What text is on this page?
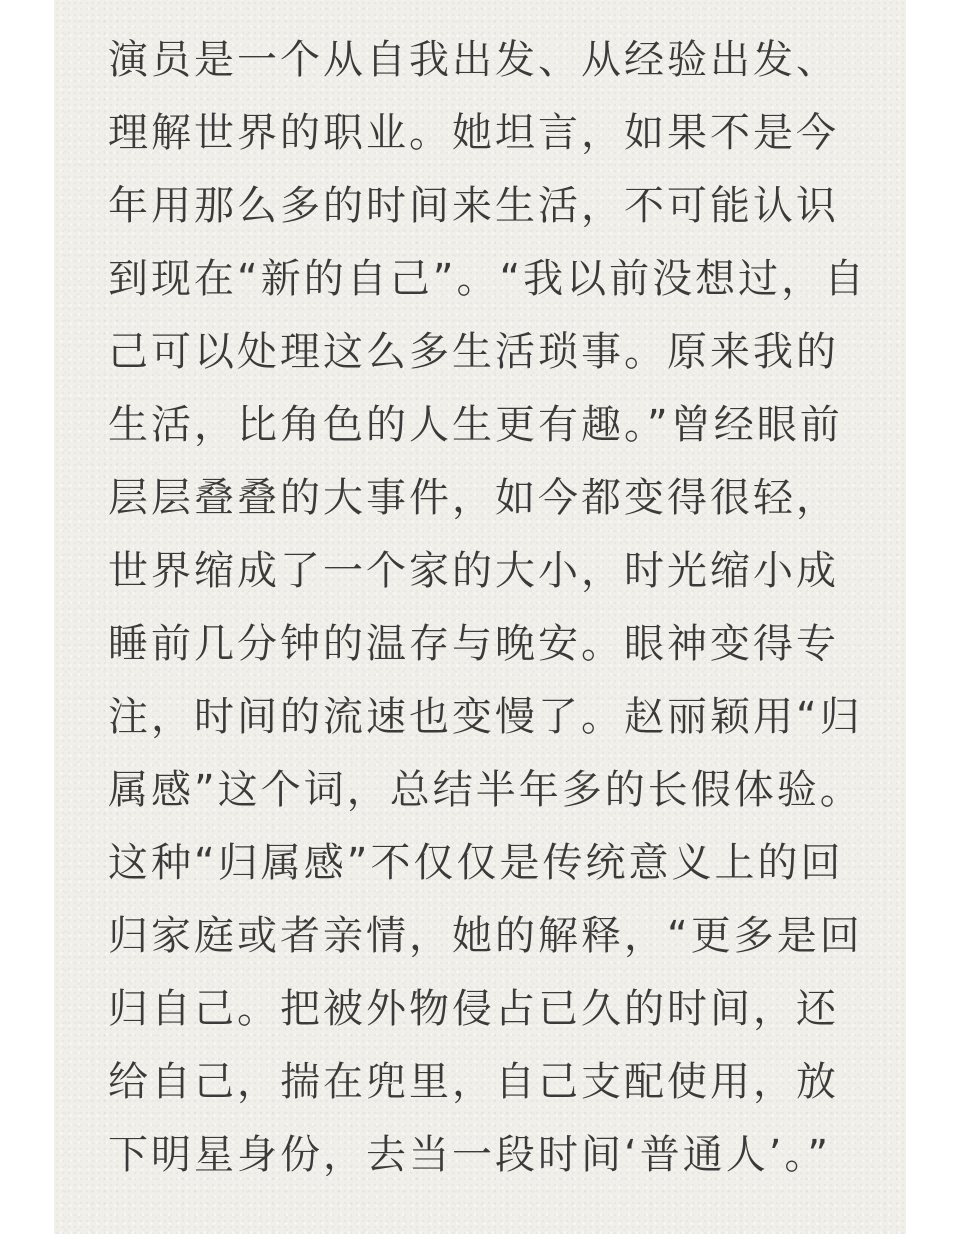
演员是一个从自我出发、从经验出发、
理解世界的职业。她坦言，如果不是今
年用那么多的时间来生活，不可能认识
到现在“新的自己”。“我以前没想过，自
己可以处理这么多生活琐事。原来我的
生活，比角色的人生更有趣。”曾经眼前
层层叠叠的大事件，如今都变得很轻，
世界缩成了一个家的大小，时光缩小成
睡前几分钟的温存与晚安。眼神变得专
注，时间的流速也变慢了。赵丽颖用“归
属感”这个词，总结半年多的长假体验。
这种“归属感”不仅仅是传统意义上的回
归家庭或者亲情，她的解释，“更多是回
归自己。把被外物侵占已久的时间，还
给自己，揣在兜里，自己支配使用，放
下明星身份，去当一段时间‘普通人’。”
